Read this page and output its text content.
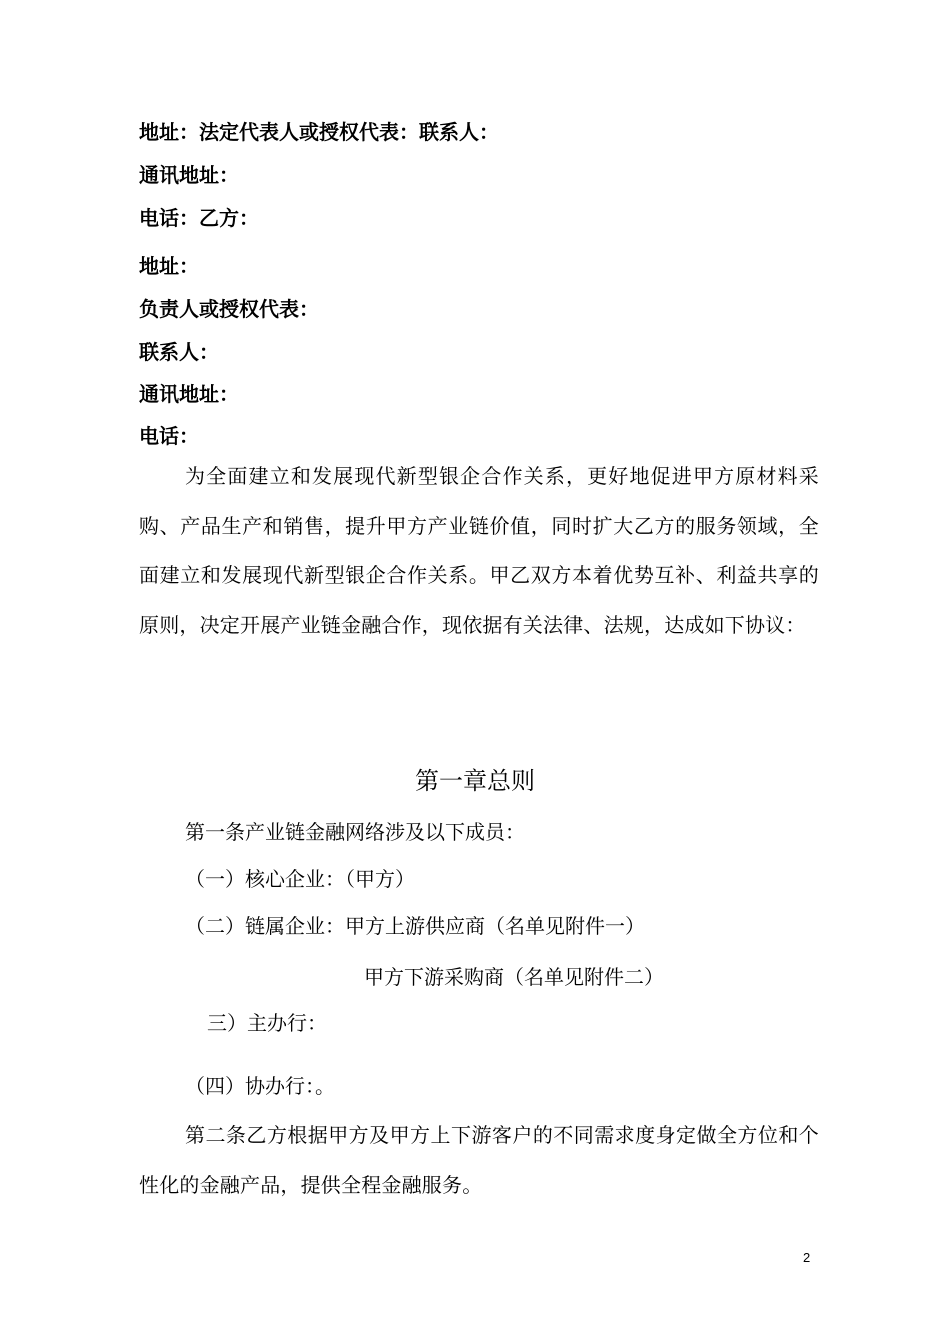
地址：法定代表人或授权代表：联系人：
通讯地址：
电话：乙方：
地址：
负责人或授权代表：
联系人：
通讯地址：
电话：
为全面建立和发展现代新型银企合作关系，更好地促进甲方原材料采购、产品生产和销售，提升甲方产业链价值，同时扩大乙方的服务领域，全面建立和发展现代新型银企合作关系。甲乙双方本着优势互补、利益共享的原则，决定开展产业链金融合作，现依据有关法律、法规，达成如下协议：
第一章总则
第一条产业链金融网络涉及以下成员：
（一）核心企业：（甲方）
（二）链属企业：甲方上游供应商（名单见附件一）
甲方下游采购商（名单见附件二）
三）主办行：
（四）协办行：。
第二条乙方根据甲方及甲方上下游客户的不同需求度身定做全方位和个性化的金融产品，提供全程金融服务。
2
